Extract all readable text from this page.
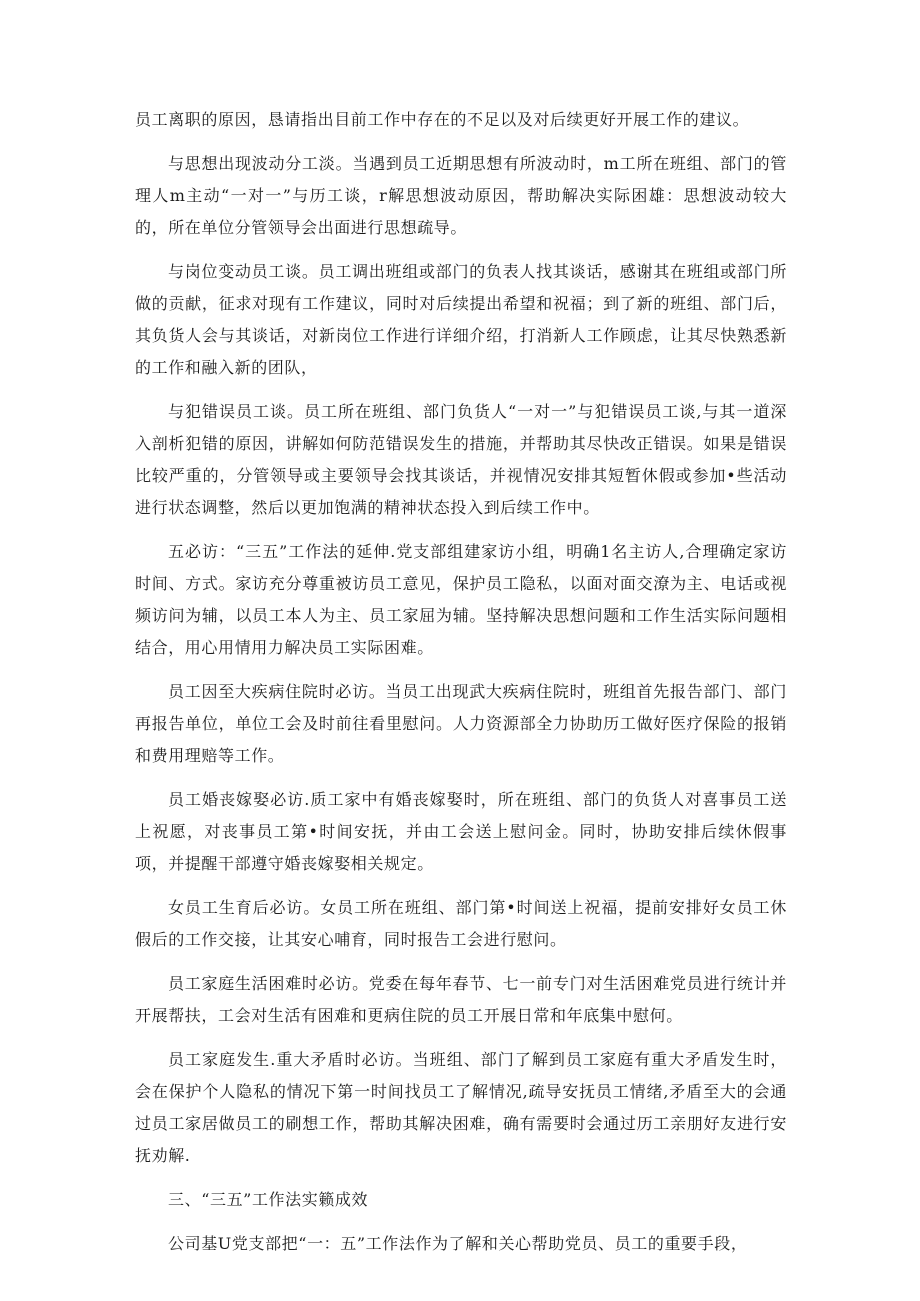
员工离职的原因，恳请指出目前工作中存在的不足以及对后续更好开展工作的建议。

与思想出现波动分工淡。当遇到员工近期思想有所波动时，m工所在班组、部门的管理人m主动“一对一”与历工谈，r解思想波动原因，帮助解决实际困雄：思想波动较大的，所在单位分管领导会出面进行思想疏导。

与岗位变动员工谈。员工调出班组或部门的负表人找其谈话，感谢其在班组或部门所做的贡献，征求对现有工作建议，同时对后续提出希望和祝福；到了新的班组、部门后，其负货人会与其谈话，对新岗位工作进行详细介绍，打消新人工作顾虑，让其尽快熟悉新的工作和融入新的团队，

与犯错误员工谈。员工所在班组、部门负货人“一对一”与犯错误员工谈,与其一道深入剖析犯错的原因，讲解如何防范错误发生的措施，并帮助其尽快改正错误。如果是错误比较严重的，分管领导或主要领导会找其谈话，并视情况安排其短暂休假或参加•些活动进行状态调整，然后以更加饱满的精神状态投入到后续工作中。

五必访：“三五”工作法的延伸.党支部组建家访小组，明确1名主访人,合理确定家访时间、方式。家访充分尊重被访员工意见，保护员工隐私，以面对面交潦为主、电话或视频访问为辅，以员工本人为主、员工家屈为辅。坚持解决思想问题和工作生活实际问题相结合，用心用情用力解决员工实际困难。

员工因至大疾病住院时必访。当员工出现武大疾病住院时，班组首先报告部门、部门再报告单位，单位工会及时前往看里慰问。人力资源部全力协助历工做好医疗保险的报销和费用理赔等工作。

员工婚丧嫁娶必访.质工家中有婚丧嫁娶时，所在班组、部门的负货人对喜事员工送上祝愿，对丧事员工第•时间安抚，并由工会送上慰问金。同时，协助安排后续休假事项，并提醒干部遵守婚丧嫁娶相关规定。

女员工生育后必访。女员工所在班组、部门第•时间送上祝福，提前安排好女员工休假后的工作交接，让其安心哺育，同时报告工会进行慰问。

员工家庭生活困难时必访。党委在每年春节、七一前专门对生活困难党员进行统计并开展帮扶，工会对生活有困难和更病住院的员工开展日常和年底集中慰何。

员工家庭发生.重大矛盾时必访。当班组、部门了解到员工家庭有重大矛盾发生时，会在保护个人隐私的情况下第一时间找员工了解情况,疏导安抚员工情绪,矛盾至大的会通过员工家居做员工的刷想工作，帮助其解决困难，确有需要时会通过历工亲朋好友进行安抚劝解.

三、“三五”工作法实籁成效

公司基U党支部把“一：五”工作法作为了解和关心帮助党员、员工的重要手段，
